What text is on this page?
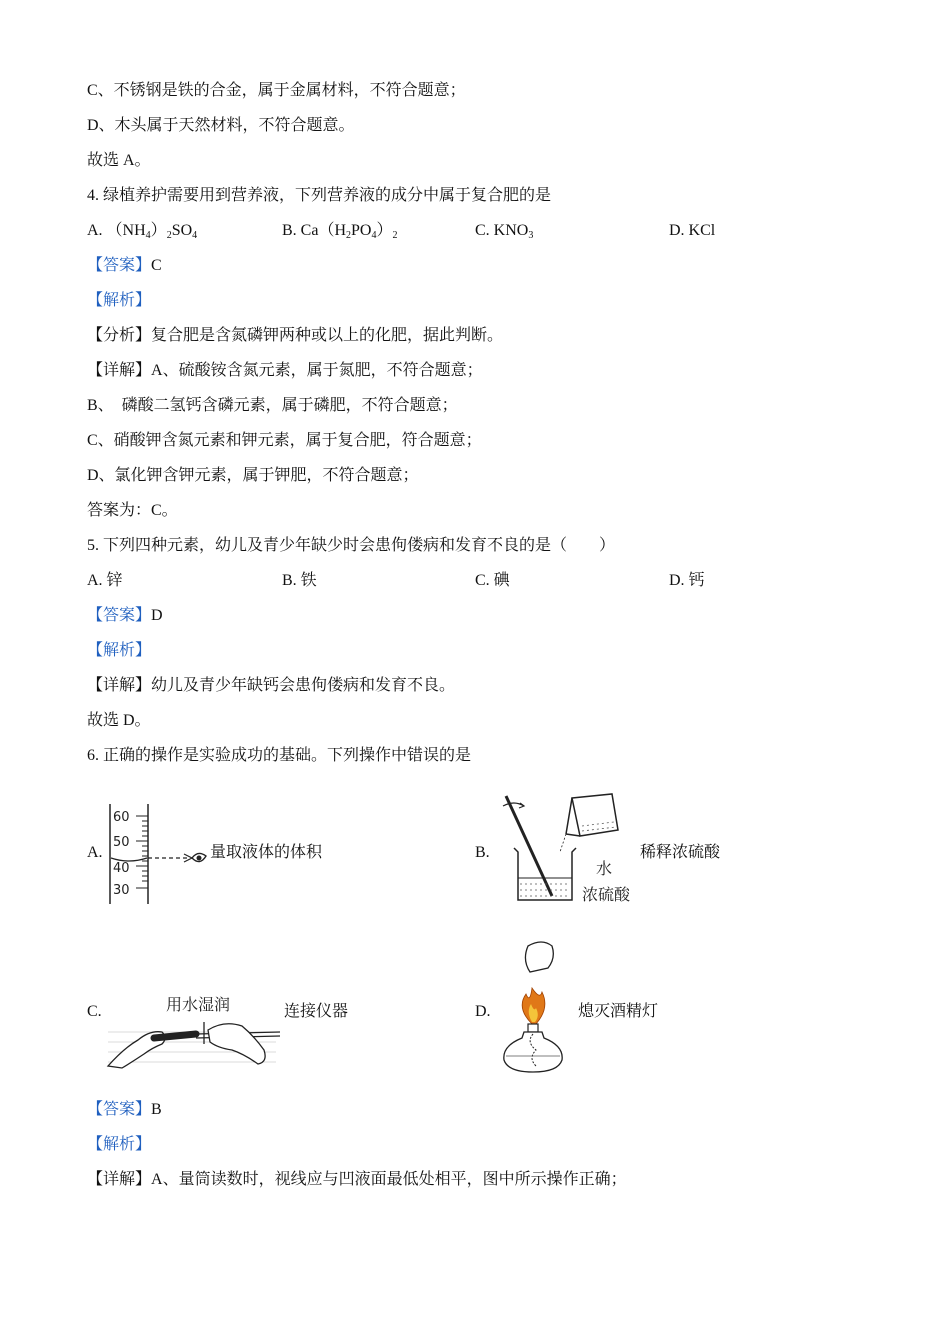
C、不锈钢是铁的合金，属于金属材料，不符合题意；
D、木头属于天然材料，不符合题意。
故选 A。
4. 绿植养护需要用到营养液，下列营养液的成分中属于复合肥的是
A. $(NH_4)_2SO_4$	B. $Ca(H_2PO_4)_2$	C. $KNO_3$	D. KCl
【答案】C
【解析】
【分析】复合肥是含氮磷钾两种或以上的化肥，据此判断。
【详解】A、硫酸铵含氮元素，属于氮肥，不符合题意；
B、  磷酸二氢钙含磷元素，属于磷肥，不符合题意；
C、硝酸钾含氮元素和钾元素，属于复合肥，符合题意；
D、氯化钾含钾元素，属于钾肥，不符合题意；
答案为：C。
5. 下列四种元素，幼儿及青少年缺少时会患佝偻病和发育不良的是（        ）
A. 锌	B. 铁	C. 碘	D. 钙
【答案】D
【解析】
【详解】幼儿及青少年缺钙会患佝偻病和发育不良。
故选 D。
6. 正确的操作是实验成功的基础。下列操作中错误的是
A.
60
50
40
30
量取液体的体积	B.
水
浓硫酸
稀释浓硫酸
C.	用水湿润	连接仪器	D.	熄灭酒精灯
【答案】B
【解析】
【详解】A、量筒读数时，视线应与凹液面最低处相平，图中所示操作正确；
